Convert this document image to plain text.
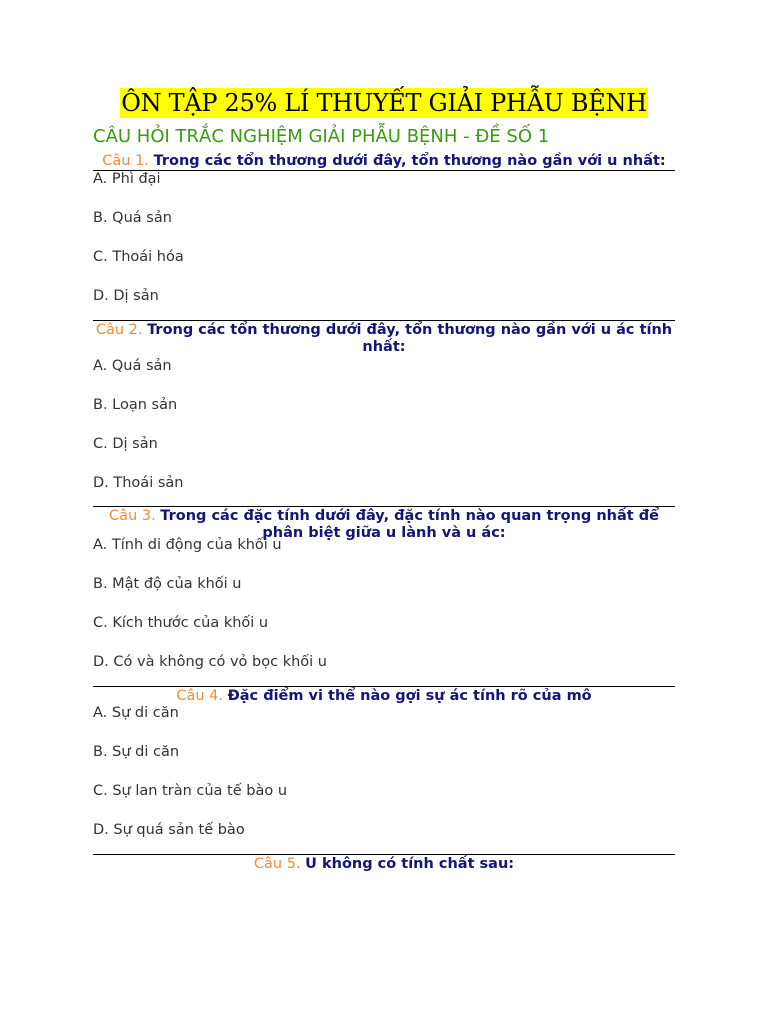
ÔN TẬP 25% LÍ THUYẾT GIẢI PHẪU BỆNH
CÂU HỎI TRẮC NGHIỆM GIẢI PHẪU BỆNH - ĐỀ SỐ 1
Câu 1. Trong các tổn thương dưới đây, tổn thương nào gần với u nhất:
A. Phì đại
B. Quá sản
C. Thoái hóa
D. Dị sản
Câu 2. Trong các tổn thương dưới đây, tổn thương nào gần với u ác tính nhất:
A. Quá sản
B. Loạn sản
C. Dị sản
D. Thoái sản
Câu 3. Trong các đặc tính dưới đây, đặc tính nào quan trọng nhất để phân biệt giữa u lành và u ác:
A. Tính di động của khối u
B. Mật độ của khối u
C. Kích thước của khối u
D. Có và không có vỏ bọc khối u
Câu 4. Đặc điểm vi thể nào gợi sự ác tính rõ của mô
A. Sự di căn
B. Sự di căn
C. Sự lan tràn của tế bào u
D. Sự quá sản tế bào
Câu 5. U không có tính chất sau:
